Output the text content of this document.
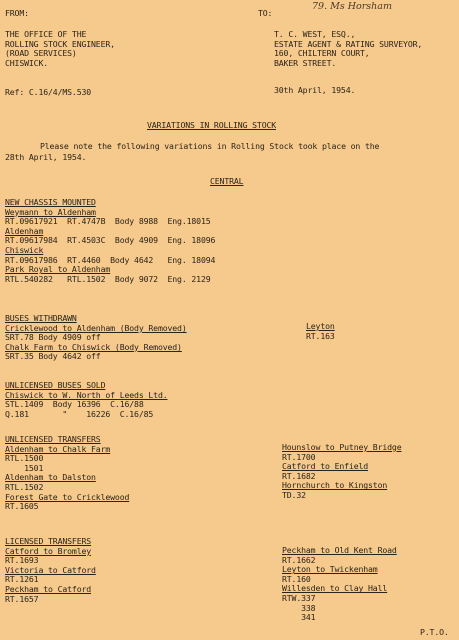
FROM:	TO:
79. Ms Horsham
THE OFFICE OF THE
ROLLING STOCK ENGINEER,
(ROAD SERVICES)
CHISWICK.
T. C. WEST, ESQ.,
ESTATE AGENT & RATING SURVEYOR,
160, CHILTERN COURT,
BAKER STREET.
Ref: C.16/4/MS.530	30th April, 1954.
VARIATIONS IN ROLLING STOCK
Please note the following variations in Rolling Stock took place on the
28th April, 1954.
CENTRAL
NEW CHASSIS MOUNTED
Weymann to Aldenham
RT.09617921  RT.4747B  Body 8988  Eng.18015
Aldenham
RT.09617984  RT.4503C  Body 4909  Eng. 18096
Chiswick
RT.09617986  RT.4460  Body 4642   Eng. 18094
Park Royal to Aldenham
RTL.540282   RTL.1502  Body 9072  Eng. 2129
BUSES WITHDRAWN
Cricklewood to Aldenham (Body Removed)
SRT.78 Body 4909 off
Chalk Farm to Chiswick (Body Removed)
SRT.35 Body 4642 off
Leyton
RT.163
UNLICENSED BUSES SOLD
Chiswick to W. North of Leeds Ltd.
STL.1409  Body 16396  C.16/88
Q.181       "    16226  C.16/85
UNLICENSED TRANSFERS
Aldenham to Chalk Farm
RTL.1500
1501
Aldenham to Dalston
RTL.1502
Forest Gate to Cricklewood
RT.1605
Hounslow to Putney Bridge
RT.1700
Catford to Enfield
RT.1682
Hornchurch to Kingston
TD.32
LICENSED TRANSFERS
Catford to Bromley
RT.1693
Victoria to Catford
RT.1261
Peckham to Catford
RT.1657
Peckham to Old Kent Road
RT.1662
Leyton to Twickenham
RT.160
Willesden to Clay Hall
RTW.337
338
341
P.T.O.
